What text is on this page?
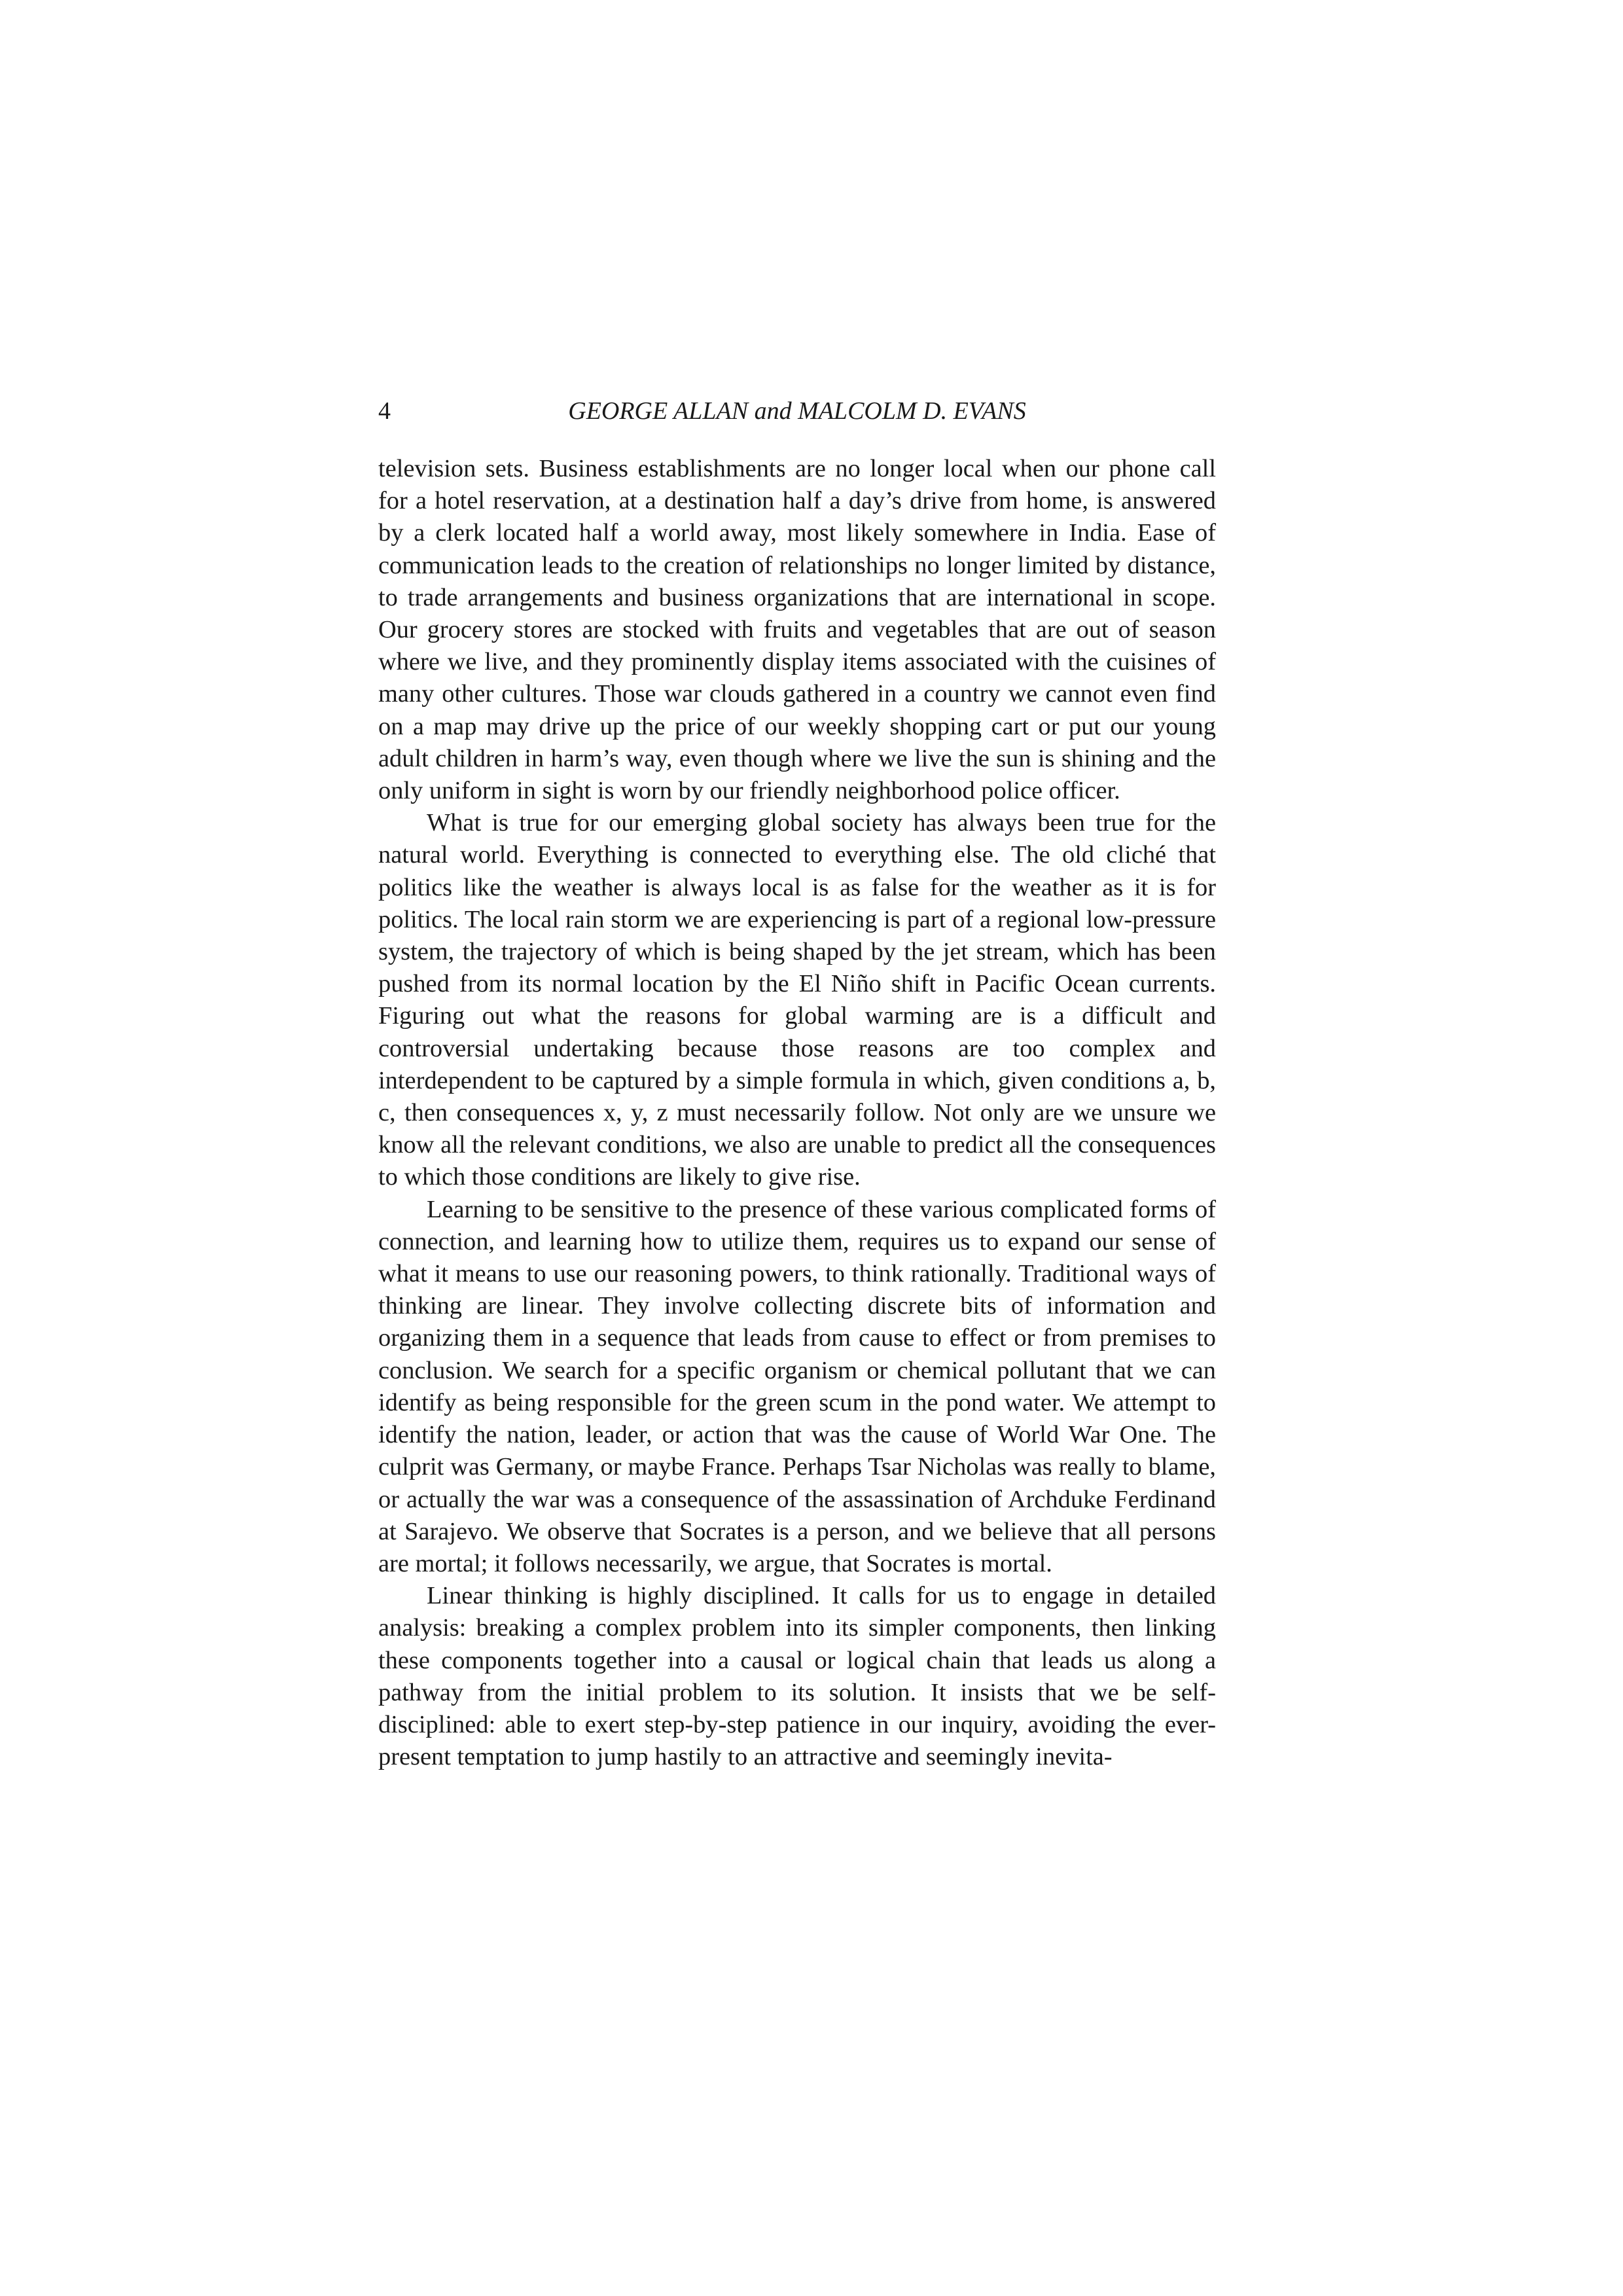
4	GEORGE ALLAN and MALCOLM D. EVANS

television sets. Business establishments are no longer local when our phone call for a hotel reservation, at a destination half a day’s drive from home, is answered by a clerk located half a world away, most likely somewhere in India. Ease of communication leads to the creation of relationships no longer limited by distance, to trade arrangements and business organizations that are international in scope. Our grocery stores are stocked with fruits and vegetables that are out of season where we live, and they prominently display items associated with the cuisines of many other cultures. Those war clouds gathered in a country we cannot even find on a map may drive up the price of our weekly shopping cart or put our young adult children in harm’s way, even though where we live the sun is shining and the only uniform in sight is worn by our friendly neighborhood police officer.

What is true for our emerging global society has always been true for the natural world. Everything is connected to everything else. The old cliché that politics like the weather is always local is as false for the weather as it is for politics. The local rain storm we are experiencing is part of a regional low-pressure system, the trajectory of which is being shaped by the jet stream, which has been pushed from its normal location by the El Niño shift in Pacific Ocean currents. Figuring out what the reasons for global warming are is a difficult and controversial undertaking because those reasons are too complex and interdependent to be captured by a simple formula in which, given conditions a, b, c, then consequences x, y, z must necessarily follow. Not only are we unsure we know all the relevant conditions, we also are unable to predict all the consequences to which those conditions are likely to give rise.

Learning to be sensitive to the presence of these various complicated forms of connection, and learning how to utilize them, requires us to expand our sense of what it means to use our reasoning powers, to think rationally. Traditional ways of thinking are linear. They involve collecting discrete bits of information and organizing them in a sequence that leads from cause to effect or from premises to conclusion. We search for a specific organism or chemical pollutant that we can identify as being responsible for the green scum in the pond water. We attempt to identify the nation, leader, or action that was the cause of World War One. The culprit was Germany, or maybe France. Perhaps Tsar Nicholas was really to blame, or actually the war was a consequence of the assassination of Archduke Ferdinand at Sarajevo. We observe that Socrates is a person, and we believe that all persons are mortal; it follows necessarily, we argue, that Socrates is mortal.

Linear thinking is highly disciplined. It calls for us to engage in detailed analysis: breaking a complex problem into its simpler components, then linking these components together into a causal or logical chain that leads us along a pathway from the initial problem to its solution. It insists that we be self-disciplined: able to exert step-by-step patience in our inquiry, avoiding the ever-present temptation to jump hastily to an attractive and seemingly inevita-
